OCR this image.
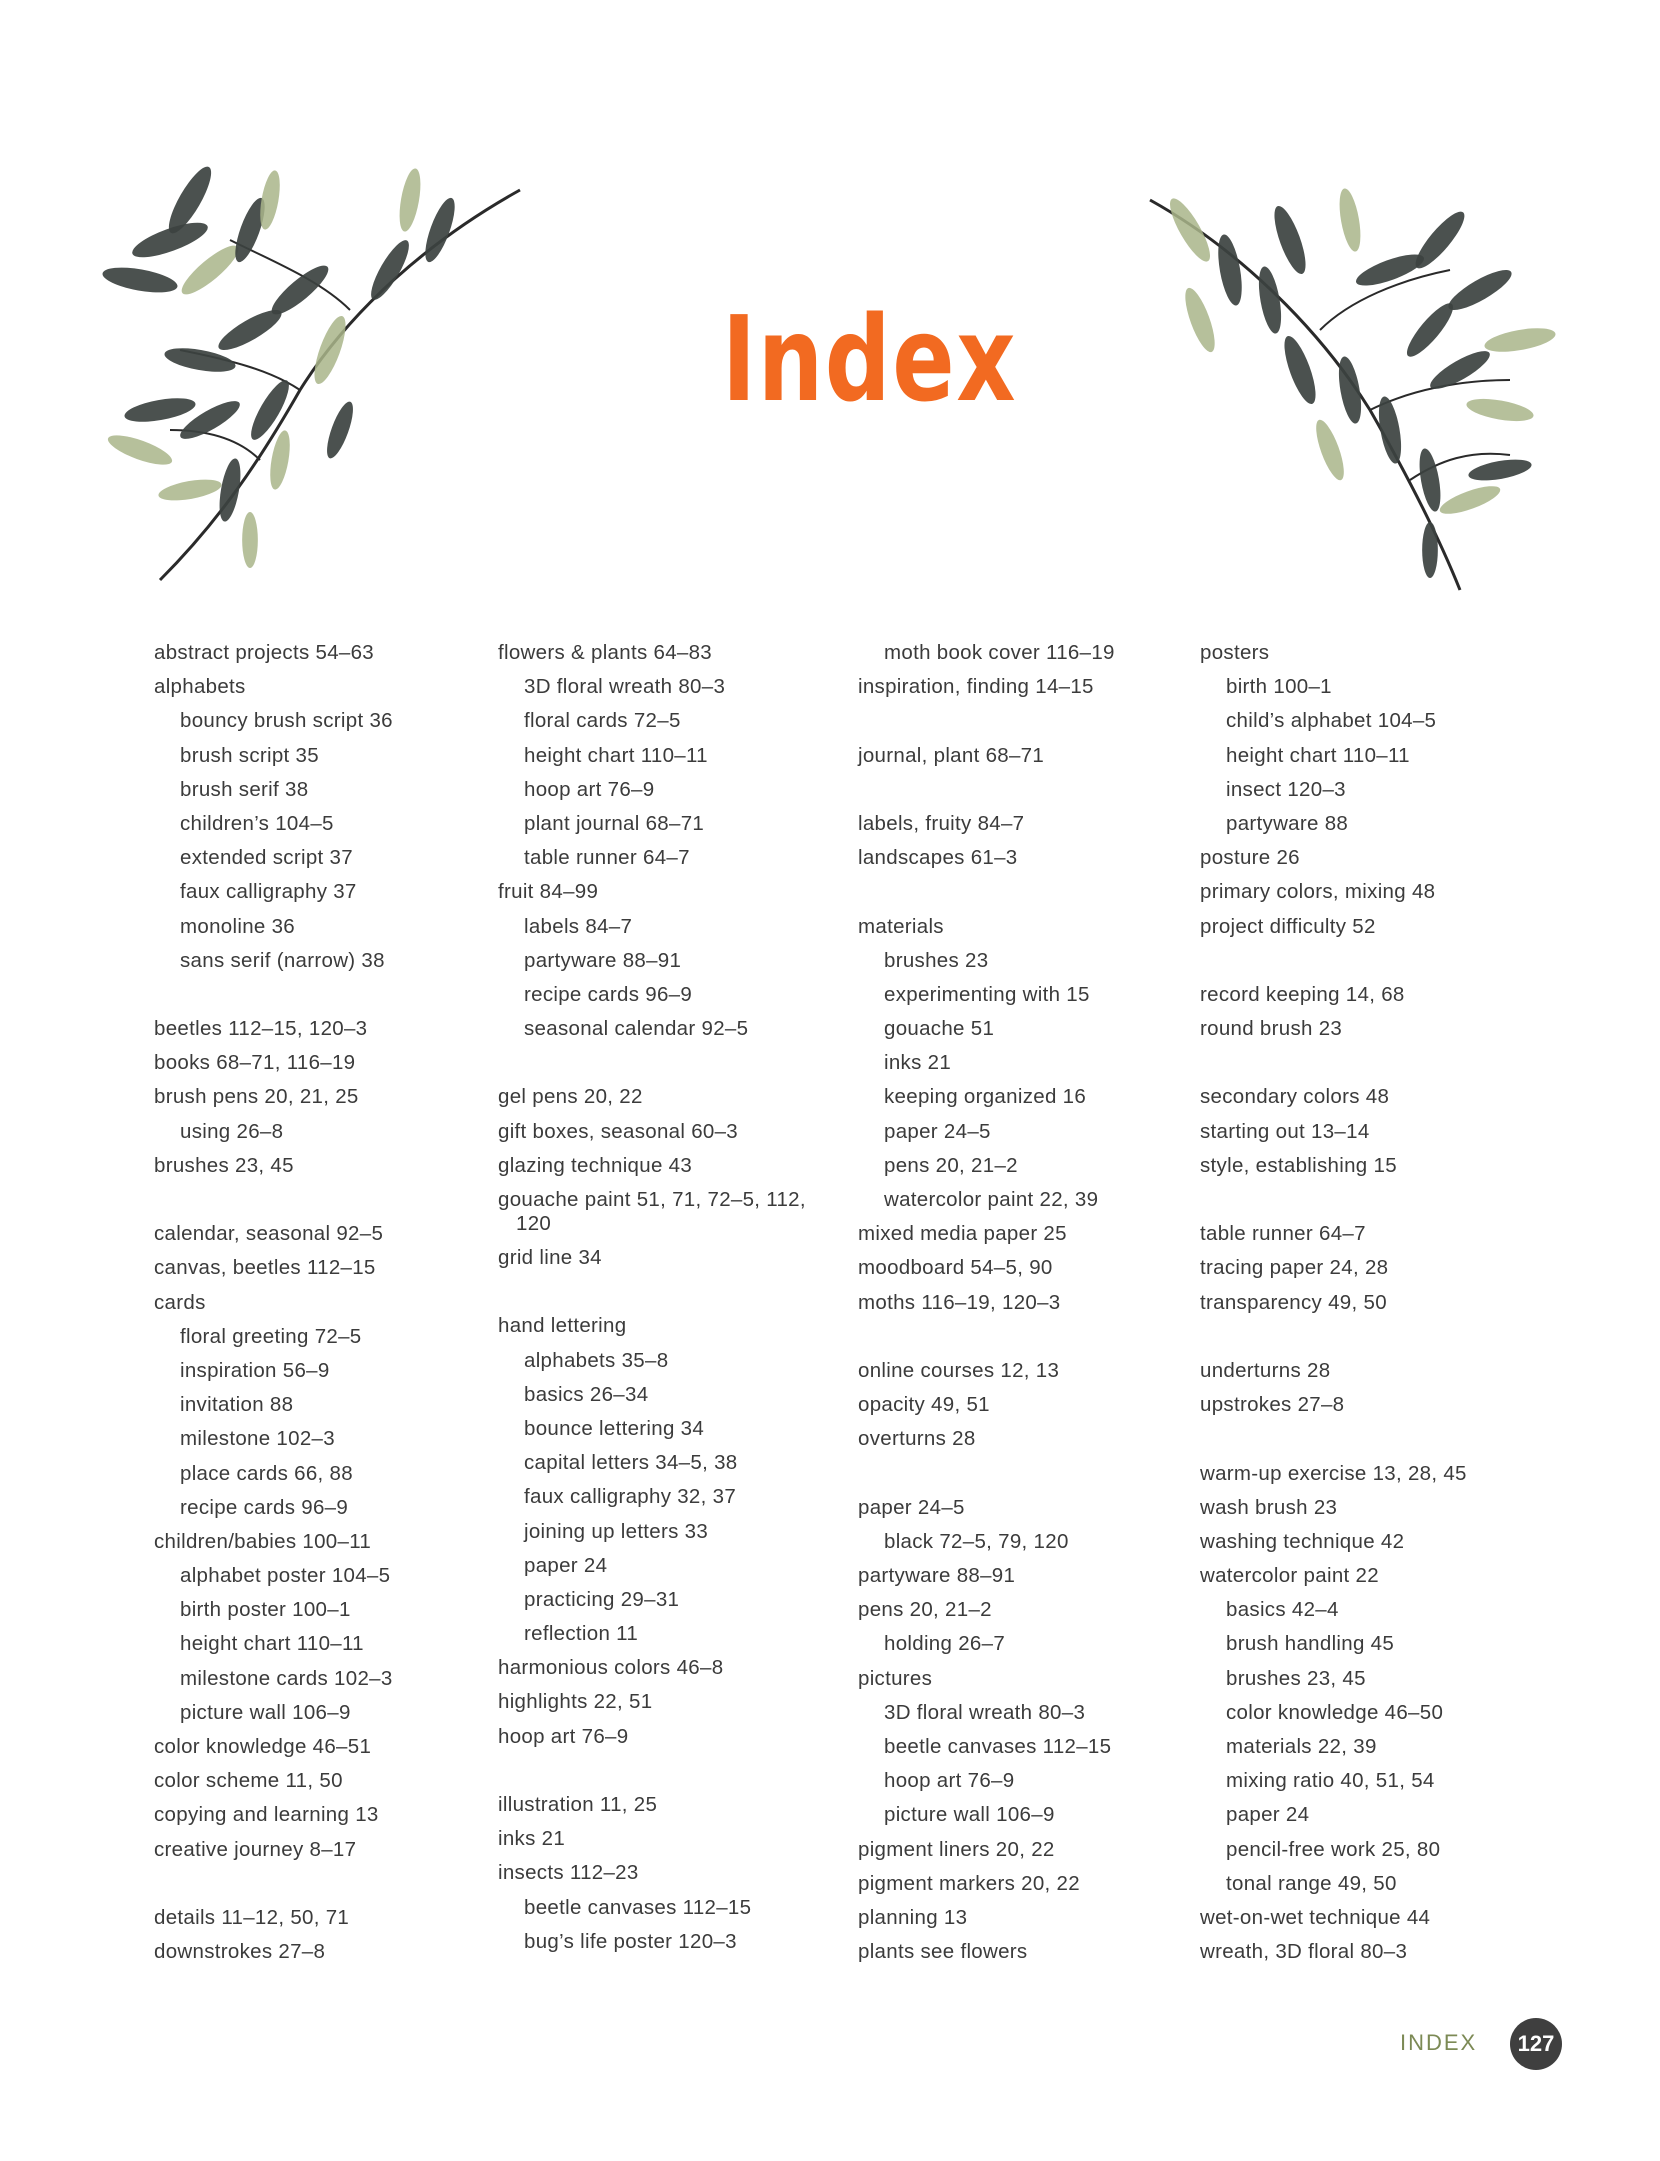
Index
abstract projects 54–63
alphabets
bouncy brush script 36
brush script 35
brush serif 38
children’s 104–5
extended script 37
faux calligraphy 37
monoline 36
sans serif (narrow) 38
beetles 112–15, 120–3
books 68–71, 116–19
brush pens 20, 21, 25
using 26–8
brushes 23, 45
calendar, seasonal 92–5
canvas, beetles 112–15
cards
floral greeting 72–5
inspiration 56–9
invitation 88
milestone 102–3
place cards 66, 88
recipe cards 96–9
children/babies 100–11
alphabet poster 104–5
birth poster 100–1
height chart 110–11
milestone cards 102–3
picture wall 106–9
color knowledge 46–51
color scheme 11, 50
copying and learning 13
creative journey 8–17
details 11–12, 50, 71
downstrokes 27–8
flowers & plants 64–83
3D floral wreath 80–3
floral cards 72–5
height chart 110–11
hoop art 76–9
plant journal 68–71
table runner 64–7
fruit 84–99
labels 84–7
partyware 88–91
recipe cards 96–9
seasonal calendar 92–5
gel pens 20, 22
gift boxes, seasonal 60–3
glazing technique 43
gouache paint 51, 71, 72–5, 112,
120
grid line 34
hand lettering
alphabets 35–8
basics 26–34
bounce lettering 34
capital letters 34–5, 38
faux calligraphy 32, 37
joining up letters 33
paper 24
practicing 29–31
reflection 11
harmonious colors 46–8
highlights 22, 51
hoop art 76–9
illustration 11, 25
inks 21
insects 112–23
beetle canvases 112–15
bug’s life poster 120–3
moth book cover 116–19
inspiration, finding 14–15
journal, plant 68–71
labels, fruity 84–7
landscapes 61–3
materials
brushes 23
experimenting with 15
gouache 51
inks 21
keeping organized 16
paper 24–5
pens 20, 21–2
watercolor paint 22, 39
mixed media paper 25
moodboard 54–5, 90
moths 116–19, 120–3
online courses 12, 13
opacity 49, 51
overturns 28
paper 24–5
black 72–5, 79, 120
partyware 88–91
pens 20, 21–2
holding 26–7
pictures
3D floral wreath 80–3
beetle canvases 112–15
hoop art 76–9
picture wall 106–9
pigment liners 20, 22
pigment markers 20, 22
planning 13
plants see flowers
posters
birth 100–1
child’s alphabet 104–5
height chart 110–11
insect 120–3
partyware 88
posture 26
primary colors, mixing 48
project difficulty 52
record keeping 14, 68
round brush 23
secondary colors 48
starting out 13–14
style, establishing 15
table runner 64–7
tracing paper 24, 28
transparency 49, 50
underturns 28
upstrokes 27–8
warm-up exercise 13, 28, 45
wash brush 23
washing technique 42
watercolor paint 22
basics 42–4
brush handling 45
brushes 23, 45
color knowledge 46–50
materials 22, 39
mixing ratio 40, 51, 54
paper 24
pencil-free work 25, 80
tonal range 49, 50
wet-on-wet technique 44
wreath, 3D floral 80–3
INDEX	127
